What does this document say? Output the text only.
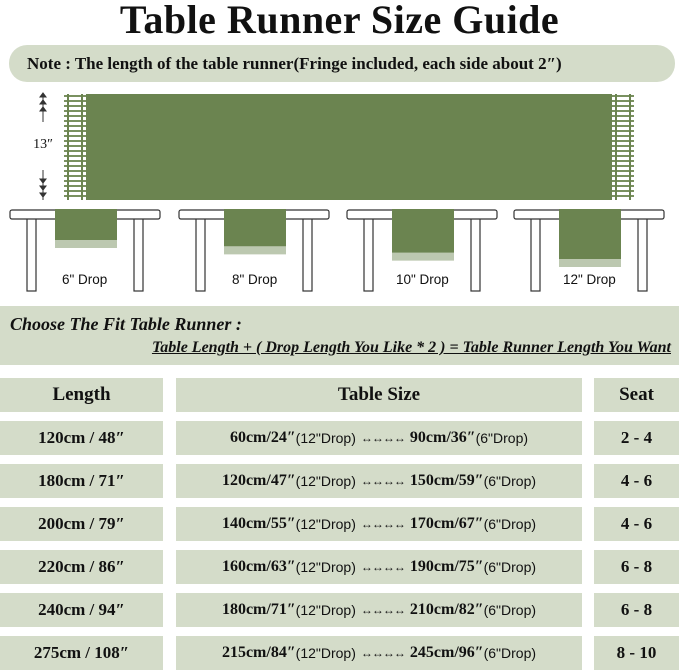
Table Runner Size Guide
Note : The length of the table runner(Fringe included, each side about 2″)
13″
6" Drop	8" Drop	10" Drop	12" Drop
Choose The Fit Table Runner :
Table Length + ( Drop Length You Like * 2 ) = Table Runner Length You Want
Length	Table Size	Seat
120cm / 48″	60cm/24″ (12"Drop) ↔↔↔↔ 90cm/36″ (6"Drop)	2 - 4
180cm / 71″	120cm/47″ (12"Drop) ↔↔↔↔ 150cm/59″ (6"Drop)	4 - 6
200cm / 79″	140cm/55″ (12"Drop) ↔↔↔↔ 170cm/67″ (6"Drop)	4 - 6
220cm / 86″	160cm/63″ (12"Drop) ↔↔↔↔ 190cm/75″ (6"Drop)	6 - 8
240cm / 94″	180cm/71″ (12"Drop) ↔↔↔↔ 210cm/82″ (6"Drop)	6 - 8
275cm / 108″	215cm/84″ (12"Drop) ↔↔↔↔ 245cm/96″ (6"Drop)	8 - 10
